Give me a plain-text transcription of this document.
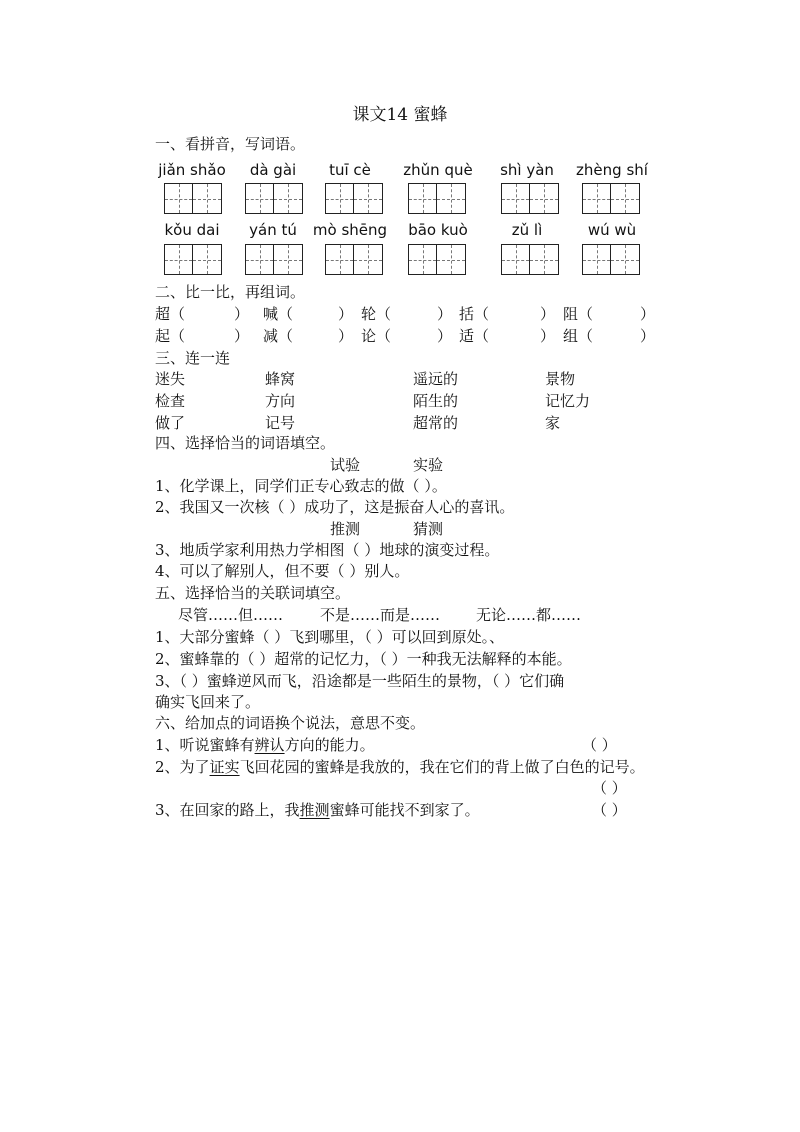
课文14 蜜蜂
一、看拼音，写词语。
jiǎn shǎo	dà gài	tuī cè	zhǔn què	shì yàn	zhèng shí
kǒu dai	yán tú	mò shēng	bāo kuò	zǔ lì	wú wù
二、比一比，再组词。
超（	） 喊（	） 轮（	） 括（	） 阻（	）
起（	） 减（	） 论（	） 适（	） 组（	）
三、连一连
迷失	蜂窝	遥远的	景物
检查	方向	陌生的	记忆力
做了	记号	超常的	家
四、选择恰当的词语填空。
试验	实验
1、化学课上，同学们正专心致志的做（ ）。
2、我国又一次核（ ）成功了，这是振奋人心的喜讯。
推测	猜测
3、地质学家利用热力学相图（ ）地球的演变过程。
4、可以了解别人，但不要（ ）别人。
五、选择恰当的关联词填空。
尽管……但…… 不是……而是…… 无论……都……
1、大部分蜜蜂（ ）飞到哪里，（ ）可以回到原处。、
2、蜜蜂靠的（ ）超常的记忆力，（ ）一种我无法解释的本能。
3、（ ）蜜蜂逆风而飞，沿途都是一些陌生的景物，（ ）它们确
确实飞回来了。
六、给加点的词语换个说法，意思不变。
1、听说蜜蜂有辨认方向的能力。	（ ）
2、为了证实飞回花园的蜜蜂是我放的，我在它们的背上做了白色的记号。
（ ）
3、在回家的路上，我推测蜜蜂可能找不到家了。	（ ）
